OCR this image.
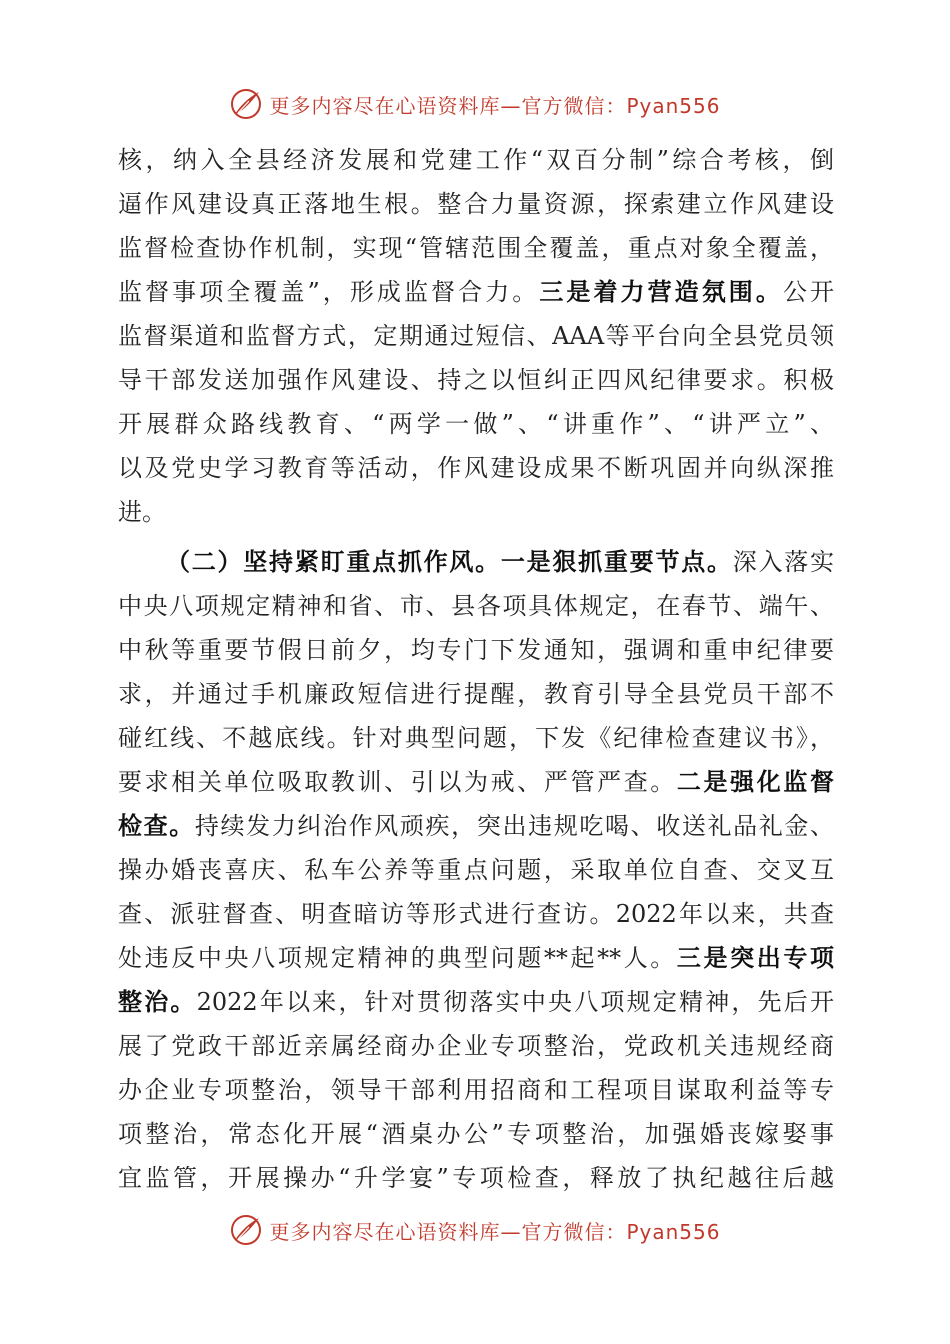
更多内容尽在心语资料库—官方微信：Pyan556
核，纳入全县经济发展和党建工作“双百分制”综合考核，倒
逼作风建设真正落地生根。整合力量资源，探索建立作风建设
监督检查协作机制，实现“管辖范围全覆盖，重点对象全覆盖，
监督事项全覆盖”，形成监督合力。三是着力营造氛围。公开
监督渠道和监督方式，定期通过短信、AAA等平台向全县党员领
导干部发送加强作风建设、持之以恒纠正四风纪律要求。积极
开展群众路线教育、“两学一做”、“讲重作”、“讲严立”、
以及党史学习教育等活动，作风建设成果不断巩固并向纵深推
进。
（二）坚持紧盯重点抓作风。一是狠抓重要节点。深入落实
中央八项规定精神和省、市、县各项具体规定，在春节、端午、
中秋等重要节假日前夕，均专门下发通知，强调和重申纪律要
求，并通过手机廉政短信进行提醒，教育引导全县党员干部不
碰红线、不越底线。针对典型问题，下发《纪律检查建议书》，
要求相关单位吸取教训、引以为戒、严管严查。二是强化监督
检查。持续发力纠治作风顽疾，突出违规吃喝、收送礼品礼金、
操办婚丧喜庆、私车公养等重点问题，采取单位自查、交叉互
查、派驻督查、明查暗访等形式进行查访。2022年以来，共查
处违反中央八项规定精神的典型问题**起**人。三是突出专项
整治。2022年以来，针对贯彻落实中央八项规定精神，先后开
展了党政干部近亲属经商办企业专项整治，党政机关违规经商
办企业专项整治，领导干部利用招商和工程项目谋取利益等专
项整治，常态化开展“酒桌办公”专项整治，加强婚丧嫁娶事
宜监管，开展操办“升学宴”专项检查，释放了执纪越往后越
更多内容尽在心语资料库—官方微信：Pyan556
